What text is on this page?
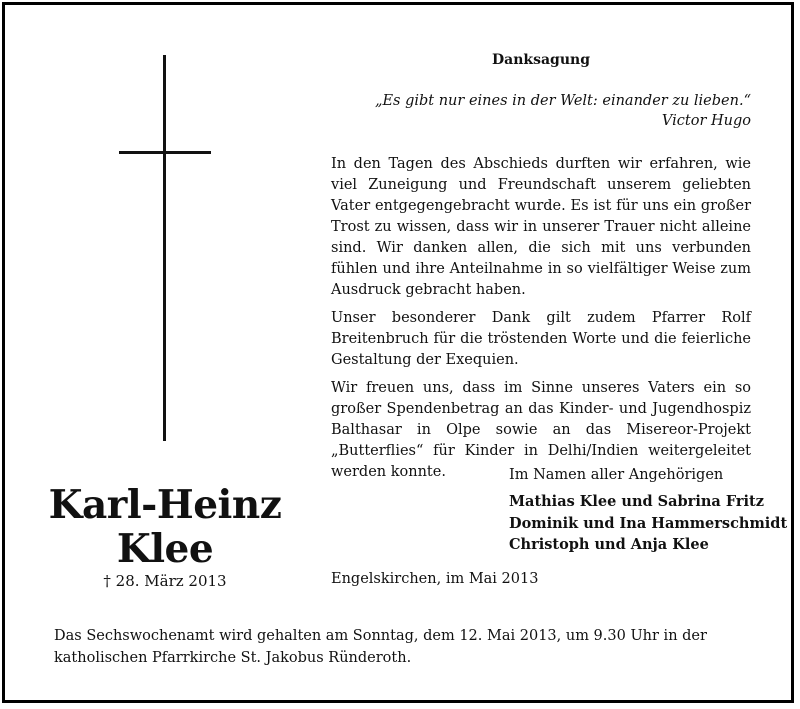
Karl-Heinz
Klee
† 28. März 2013
Danksagung
„Es gibt nur eines in der Welt: einander zu lieben.“
Victor Hugo

In den Tagen des Abschieds durften wir erfahren, wie viel Zuneigung und Freundschaft unserem geliebten Vater entgegengebracht wurde. Es ist für uns ein großer Trost zu wissen, dass wir in unserer Trauer nicht alleine sind. Wir danken allen, die sich mit uns verbunden fühlen und ihre Anteilnahme in so vielfältiger Weise zum Ausdruck gebracht haben.

Unser besonderer Dank gilt zudem Pfarrer Rolf Breitenbruch für die tröstenden Worte und die feierliche Gestaltung der Exequien.

Wir freuen uns, dass im Sinne unseres Vaters ein so großer Spendenbetrag an das Kinder- und Jugendhospiz Balthasar in Olpe sowie an das Misereor-Projekt „Butterflies“ für Kinder in Delhi/Indien weitergeleitet werden konnte.	Im Namen aller Angehörigen
Mathias Klee und Sabrina Fritz
Dominik und Ina Hammerschmidt
Christoph und Anja Klee
Engelskirchen, im Mai 2013
Das Sechswochenamt wird gehalten am Sonntag, dem 12. Mai 2013, um 9.30 Uhr in der katholischen Pfarrkirche St. Jakobus Ründeroth.
